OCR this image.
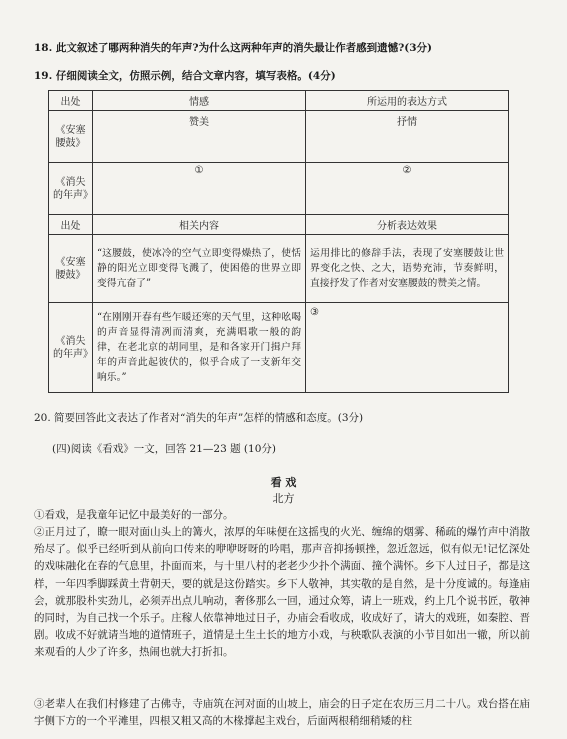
18. 此文叙述了哪两种消失的年声?为什么这两种年声的消失最让作者感到遗憾?(3分)
19. 仔细阅读全文，仿照示例，结合文章内容，填写表格。(4分)
出处	情感	所运用的表达方式
《安塞腰鼓》	赞美	抒情
《消失的年声》	①	②
出处	相关内容	分析表达效果
《安塞腰鼓》	“这腰鼓，使冰冷的空气立即变得燥热了，使恬静的阳光立即变得飞溅了，使困倦的世界立即变得亢奋了”	运用排比的修辞手法，表现了安塞腰鼓让世界变化之快、之大，语势充沛，节奏鲜明，直接抒发了作者对安塞腰鼓的赞美之情。
《消失的年声》	“在刚刚开春有些乍暖还寒的天气里，这种吆喝的声音显得清冽而清爽，充满唱歌一般的韵律，在老北京的胡同里，是和各家开门揖户拜年的声音此起彼伏的，似乎合成了一支新年交响乐。”	③
20. 简要回答此文表达了作者对“消失的年声”怎样的情感和态度。(3分)
(四)阅读《看戏》一文，回答 21—23 题 (10分)
看 戏
北方

①看戏，是我童年记忆中最美好的一部分。

②正月过了，瞭一眼对面山头上的篝火，浓厚的年味便在这摇曳的火光、缠绵的烟雾、稀疏的爆竹声中消散殆尽了。似乎已经听到从前向口传来的咿咿呀呀的吟唱，那声音抑扬顿挫，忽近忽远，似有似无!记忆深处的戏味融化在春的气息里，扑面而来，与十里八村的老老少少扑个满面、撞个满怀。乡下人过日子，都是这样，一年四季脚踩黄土背朝天，要的就是这份踏实。乡下人敬神，其实敬的是自然，是十分度诚的。每逢庙会，就那股朴实劲儿，必须弄出点儿响动，奢侈那么一回，通过众筹，请上一班戏，约上几个说书匠，敬神的同时，为自己找一个乐子。庄稼人依靠神地过日子，办庙会看收成，收成好了，请大的戏班，如秦腔、晋剧。收成不好就请当地的道情班子，道情是土生土长的地方小戏，与秧歌队表演的小节目如出一辙，所以前来观看的人少了许多，热闹也就大打折扣。

③老辈人在我们村修建了古佛寺，寺庙筑在河对面的山坡上，庙会的日子定在农历三月二十八。戏台搭在庙宇侧下方的一个平滩里，四根又粗又高的木椽撑起主戏台，后面两根稍细稍矮的柱
